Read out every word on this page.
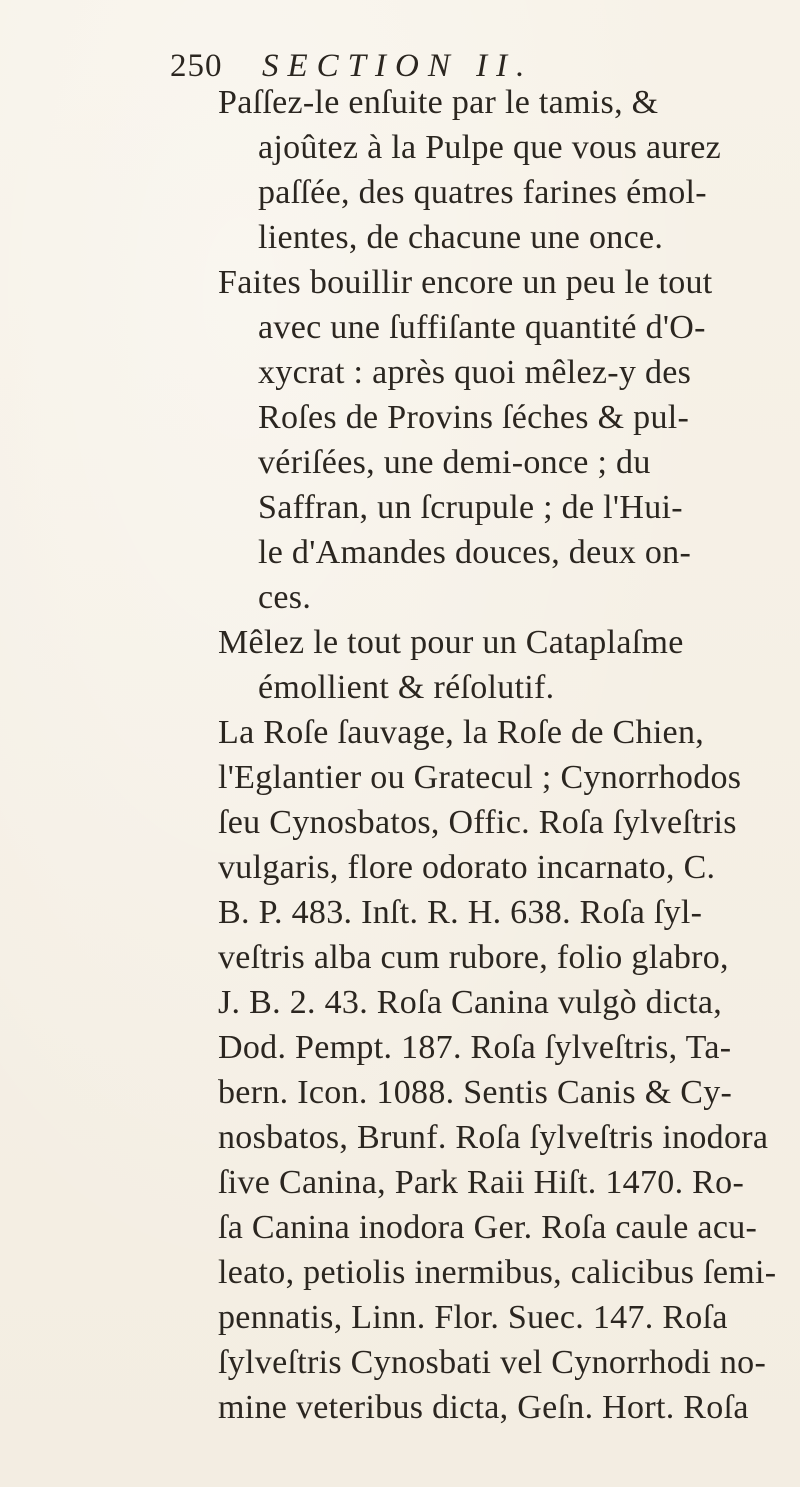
250 SECTION II.
Paſſez-le enſuite par le tamis, &
ajoûtez à la Pulpe que vous aurez
paſſée, des quatres farines émol-
lientes, de chacune une once.
Faites bouillir encore un peu le tout
avec une ſuffiſante quantité d'O-
xycrat : après quoi mêlez-y des
Roſes de Provins ſéches & pul-
vériſées, une demi-once ; du
Saffran, un ſcrupule ; de l'Hui-
le d'Amandes douces, deux on-
ces.
Mêlez le tout pour un Cataplaſme
émollient & réſolutif.
La Roſe ſauvage, la Roſe de Chien,
l'Eglantier ou Gratecul ; Cynorrhodos
ſeu Cynosbatos, Offic. Roſa ſylveſtris
vulgaris, flore odorato incarnato, C.
B. P. 483. Inſt. R. H. 638. Roſa ſyl-
veſtris alba cum rubore, folio glabro,
J. B. 2. 43. Roſa Canina vulgò dicta,
Dod. Pempt. 187. Roſa ſylveſtris, Ta-
bern. Icon. 1088. Sentis Canis & Cy-
nosbatos, Brunf. Roſa ſylveſtris inodora
ſive Canina, Park Raii Hiſt. 1470. Ro-
ſa Canina inodora Ger. Roſa caule acu-
leato, petiolis inermibus, calicibus ſemi-
pennatis, Linn. Flor. Suec. 147. Roſa
ſylveſtris Cynosbati vel Cynorrhodi no-
mine veteribus dicta, Geſn. Hort. Roſa
